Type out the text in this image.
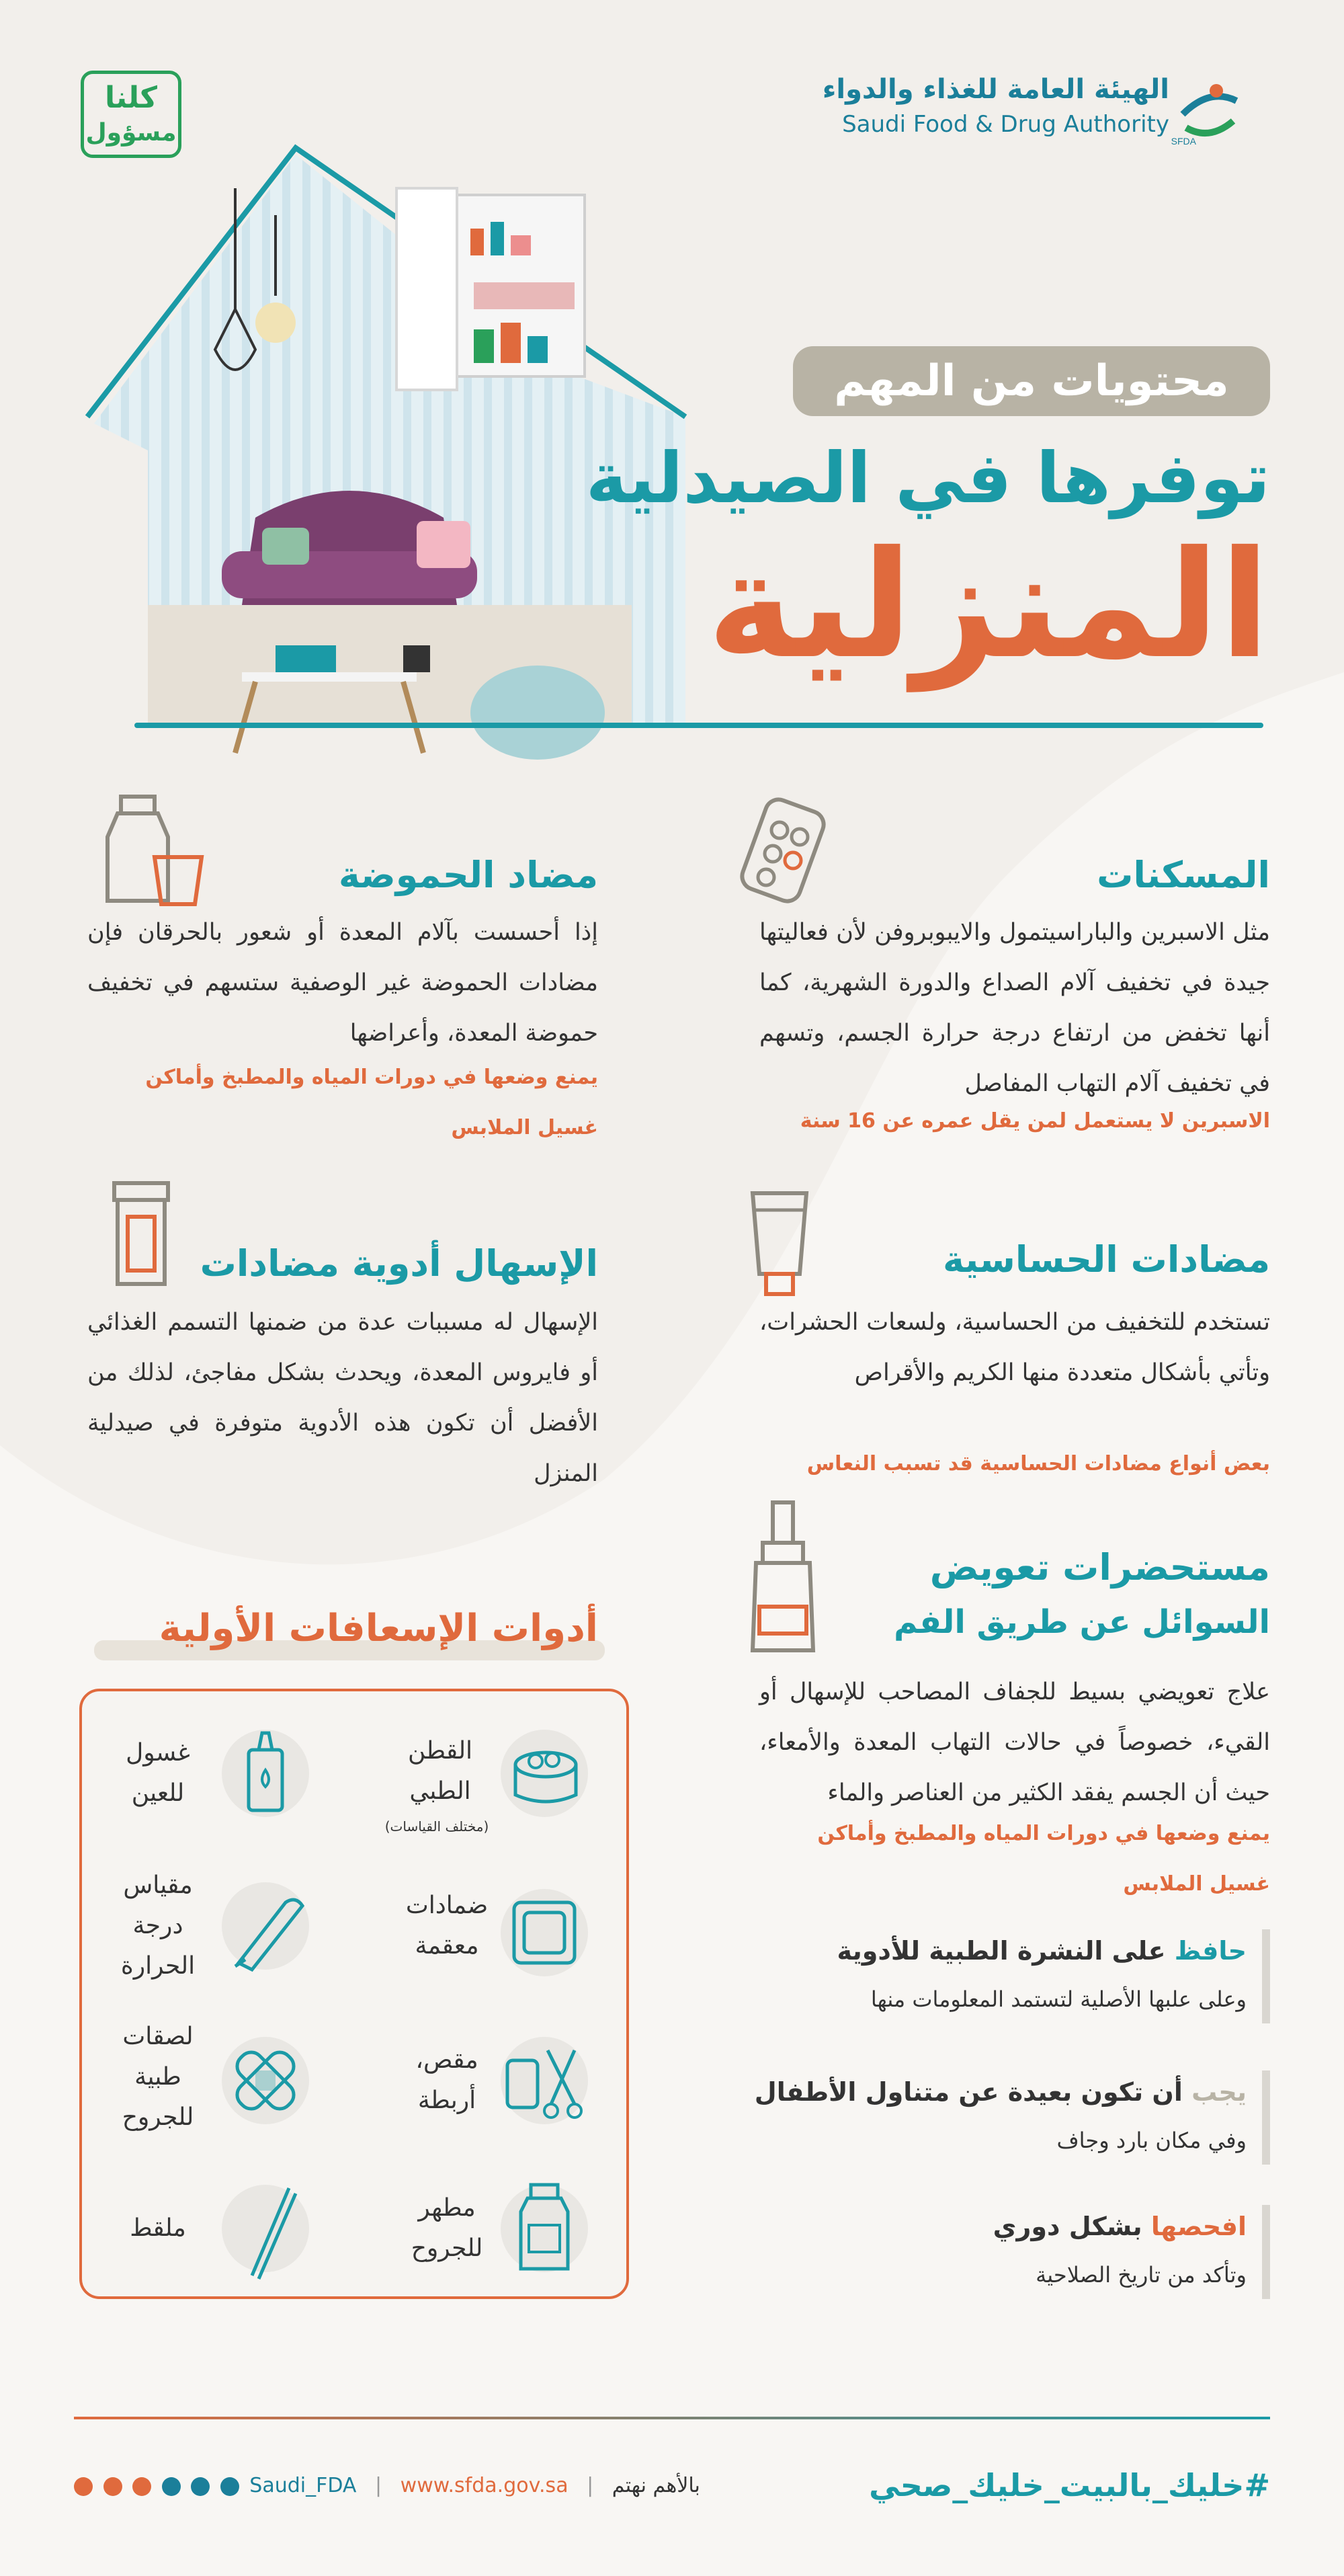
كلنا
مسؤول	SFDA
الهيئة العامة للغذاء والدواء
Saudi Food & Drug Authority
محتويات من المهم
توفرها في الصيدلية
المنزلية
المسكنات
مثل الاسبرين والباراسيتمول والايبوبروفن لأن فعاليتها جيدة في تخفيف آلام الصداع والدورة الشهرية، كما أنها تخفض من ارتفاع درجة حرارة الجسم، وتسهم في تخفيف آلام التهاب المفاصل
الاسبرين لا يستعمل لمن يقل عمره عن 16 سنة
مضاد الحموضة
إذا أحسست بآلام المعدة أو شعور بالحرقان فإن مضادات الحموضة غير الوصفية ستسهم في تخفيف حموضة المعدة، وأعراضها
يمنع وضعها في دورات المياه والمطبخ وأماكن غسيل الملابس
مضادات الحساسية
تستخدم للتخفيف من الحساسية، ولسعات الحشرات، وتأتي بأشكال متعددة منها الكريم والأقراص
بعض أنواع مضادات الحساسية قد تسبب النعاس
الإسهال أدوية مضادات
الإسهال له مسببات عدة من ضمنها التسمم الغذائي أو فايروس المعدة، ويحدث بشكل مفاجئ، لذلك من الأفضل أن تكون هذه الأدوية متوفرة في صيدلية المنزل
مستحضرات تعويض
السوائل عن طريق الفم
علاج تعويضي بسيط للجفاف المصاحب للإسهال أو القيء، خصوصاً في حالات التهاب المعدة والأمعاء، حيث أن الجسم يفقد الكثير من العناصر والماء
يمنع وضعها في دورات المياه والمطبخ وأماكن غسيل الملابس
أدوات الإسعافات الأولية
القطن الطبي
(مختلف القياسات)
غسول للعين
ضمادات معقمة
مقياس درجة الحرارة
مقص، أربطة
لصقات طبية للجروح
مطهر للجروح
ملقط
حافظ على النشرة الطبية للأدوية
وعلى علبها الأصلية لتستمد المعلومات منها
يجب أن تكون بعيدة عن متناول الأطفال
وفي مكان بارد وجاف
افحصها بشكل دوري
وتأكد من تاريخ الصلاحية
#خليك_بالبيت_خليك_صحي
Saudi_FDA | www.sfda.gov.sa | بالأهم نهتم
